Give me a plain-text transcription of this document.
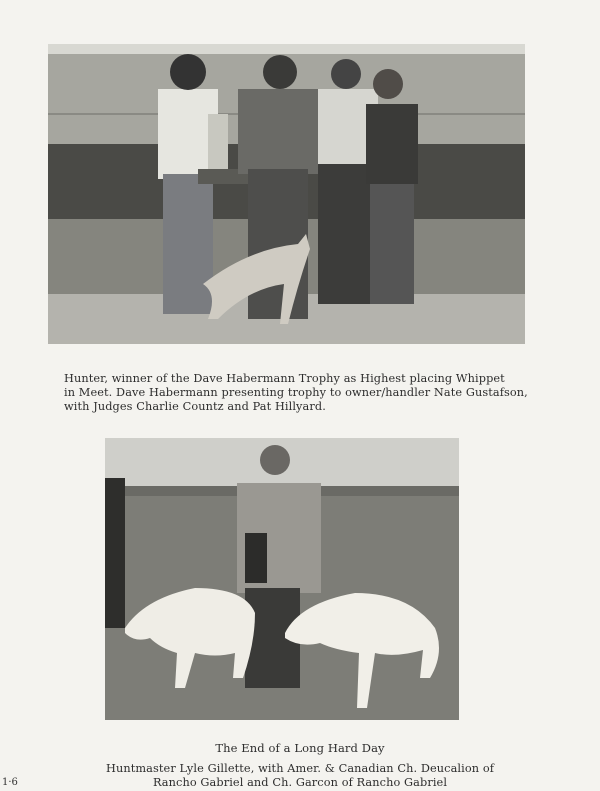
Hunter, winner of the Dave Habermann Trophy as Highest placing Whippet
in Meet. Dave Habermann presenting trophy to owner/handler Nate Gustafson,
with Judges Charlie Countz and Pat Hillyard.
The End of a Long Hard Day
Huntmaster Lyle Gillette, with Amer. & Canadian Ch. Deucalion of
Rancho Gabriel and Ch. Garcon of Rancho Gabriel
1·6
